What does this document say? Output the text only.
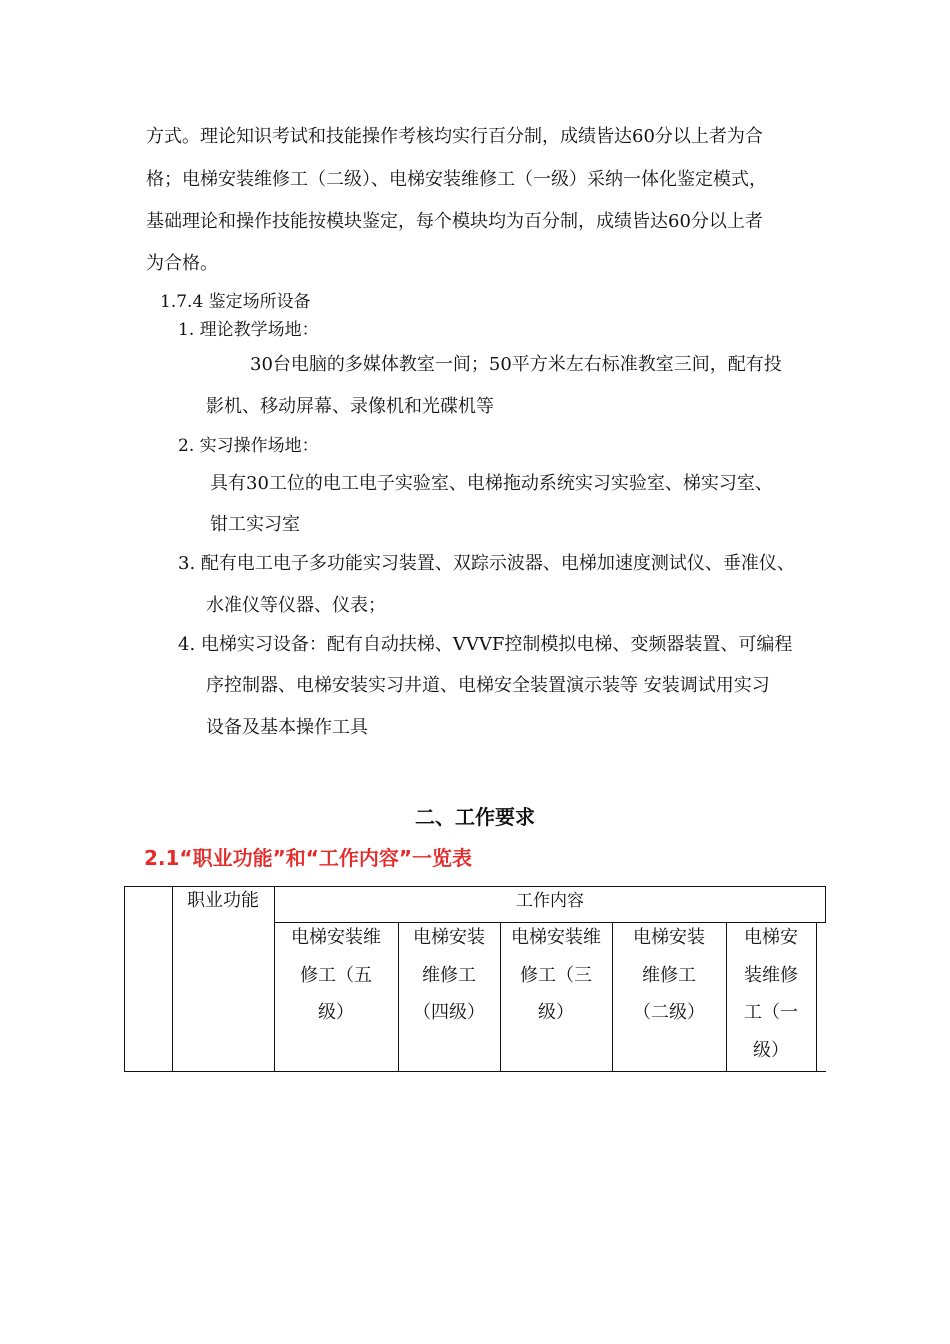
方式。理论知识考试和技能操作考核均实行百分制，成绩皆达60分以上者为合
格；电梯安装维修工（二级）、电梯安装维修工（一级）采纳一体化鉴定模式，
基础理论和操作技能按模块鉴定，每个模块均为百分制，成绩皆达60分以上者
为合格。
1.7.4 鉴定场所设备
1. 理论教学场地：
30台电脑的多媒体教室一间；50平方米左右标准教室三间，配有投
影机、移动屏幕、录像机和光碟机等
2. 实习操作场地：
具有30工位的电工电子实验室、电梯拖动系统实习实验室、梯实习室、
钳工实习室
3. 配有电工电子多功能实习装置、双踪示波器、电梯加速度测试仪、垂准仪、
水准仪等仪器、仪表；
4. 电梯实习设备：配有自动扶梯、VVVF控制模拟电梯、变频器装置、可编程
序控制器、电梯安装实习井道、电梯安全装置演示装等 安装调试用实习
设备及基本操作工具
二、工作要求
2.1“职业功能”和“工作内容”一览表
职业功能	工作内容
电梯安装维
修工（五
级）
电梯安装
维修工
（四级）
电梯安装维
修工（三
级）
电梯安装
维修工
（二级）
电梯安
装维修
工（一
级）
